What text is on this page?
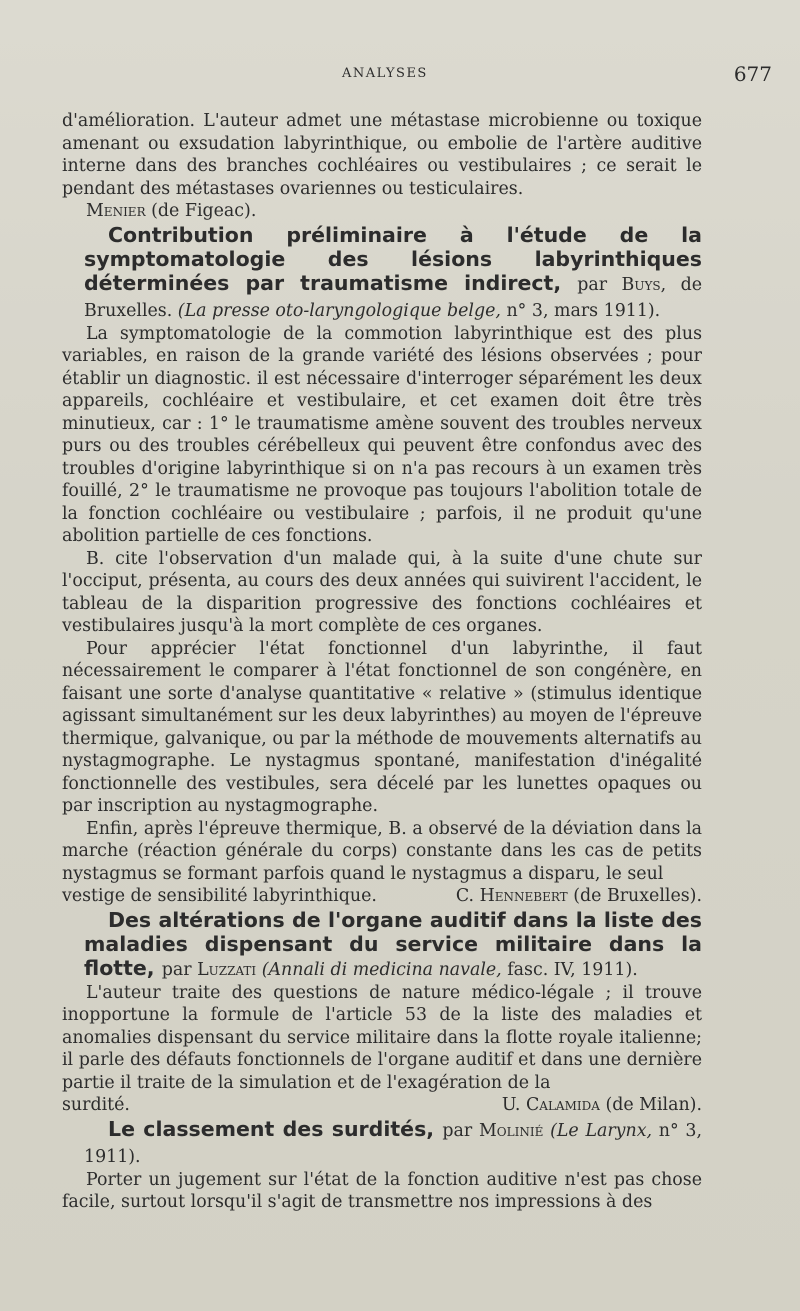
ANALYSES	677

d'amélioration. L'auteur admet une métastase microbienne ou toxique amenant ou exsudation labyrinthique, ou embolie de l'artère auditive interne dans des branches cochléaires ou vestibulaires ; ce serait le pendant des métastases ovariennes ou testiculaires.

Menier (de Figeac).

Contribution préliminaire à l'étude de la symptomatologie des lésions labyrinthiques déterminées par traumatisme indirect, par Buys, de Bruxelles. (La presse oto-laryngologique belge, n° 3, mars 1911).

La symptomatologie de la commotion labyrinthique est des plus variables, en raison de la grande variété des lésions observées ; pour établir un diagnostic. il est nécessaire d'interroger séparément les deux appareils, cochléaire et vestibulaire, et cet examen doit être très minutieux, car : 1° le traumatisme amène souvent des troubles nerveux purs ou des troubles cérébelleux qui peuvent être confondus avec des troubles d'origine labyrinthique si on n'a pas recours à un examen très fouillé, 2° le traumatisme ne provoque pas toujours l'abolition totale de la fonction cochléaire ou vestibulaire ; parfois, il ne produit qu'une abolition partielle de ces fonctions.

B. cite l'observation d'un malade qui, à la suite d'une chute sur l'occiput, présenta, au cours des deux années qui suivirent l'accident, le tableau de la disparition progressive des fonctions cochléaires et vestibulaires jusqu'à la mort complète de ces organes.

Pour apprécier l'état fonctionnel d'un labyrinthe, il faut nécessairement le comparer à l'état fonctionnel de son congénère, en faisant une sorte d'analyse quantitative « relative » (stimulus identique agissant simultanément sur les deux labyrinthes) au moyen de l'épreuve thermique, galvanique, ou par la méthode de mouvements alternatifs au nystagmographe. Le nystagmus spontané, manifestation d'inégalité fonctionnelle des vestibules, sera décelé par les lunettes opaques ou par inscription au nystagmographe.

Enfin, après l'épreuve thermique, B. a observé de la déviation dans la marche (réaction générale du corps) constante dans les cas de petits nystagmus se formant parfois quand le nystagmus a disparu, le seul

vestige de sensibilité labyrinthique.	C. Hennebert (de Bruxelles).

Des altérations de l'organe auditif dans la liste des maladies dispensant du service militaire dans la flotte, par Luzzati (Annali di medicina navale, fasc. IV, 1911).

L'auteur traite des questions de nature médico-légale ; il trouve inopportune la formule de l'article 53 de la liste des maladies et anomalies dispensant du service militaire dans la flotte royale italienne; il parle des défauts fonctionnels de l'organe auditif et dans une dernière partie il traite de la simulation et de l'exagération de la

surdité.	U. Calamida (de Milan).

Le classement des surdités, par Molinié (Le Larynx, n° 3, 1911).

Porter un jugement sur l'état de la fonction auditive n'est pas chose facile, surtout lorsqu'il s'agit de transmettre nos impressions à des
